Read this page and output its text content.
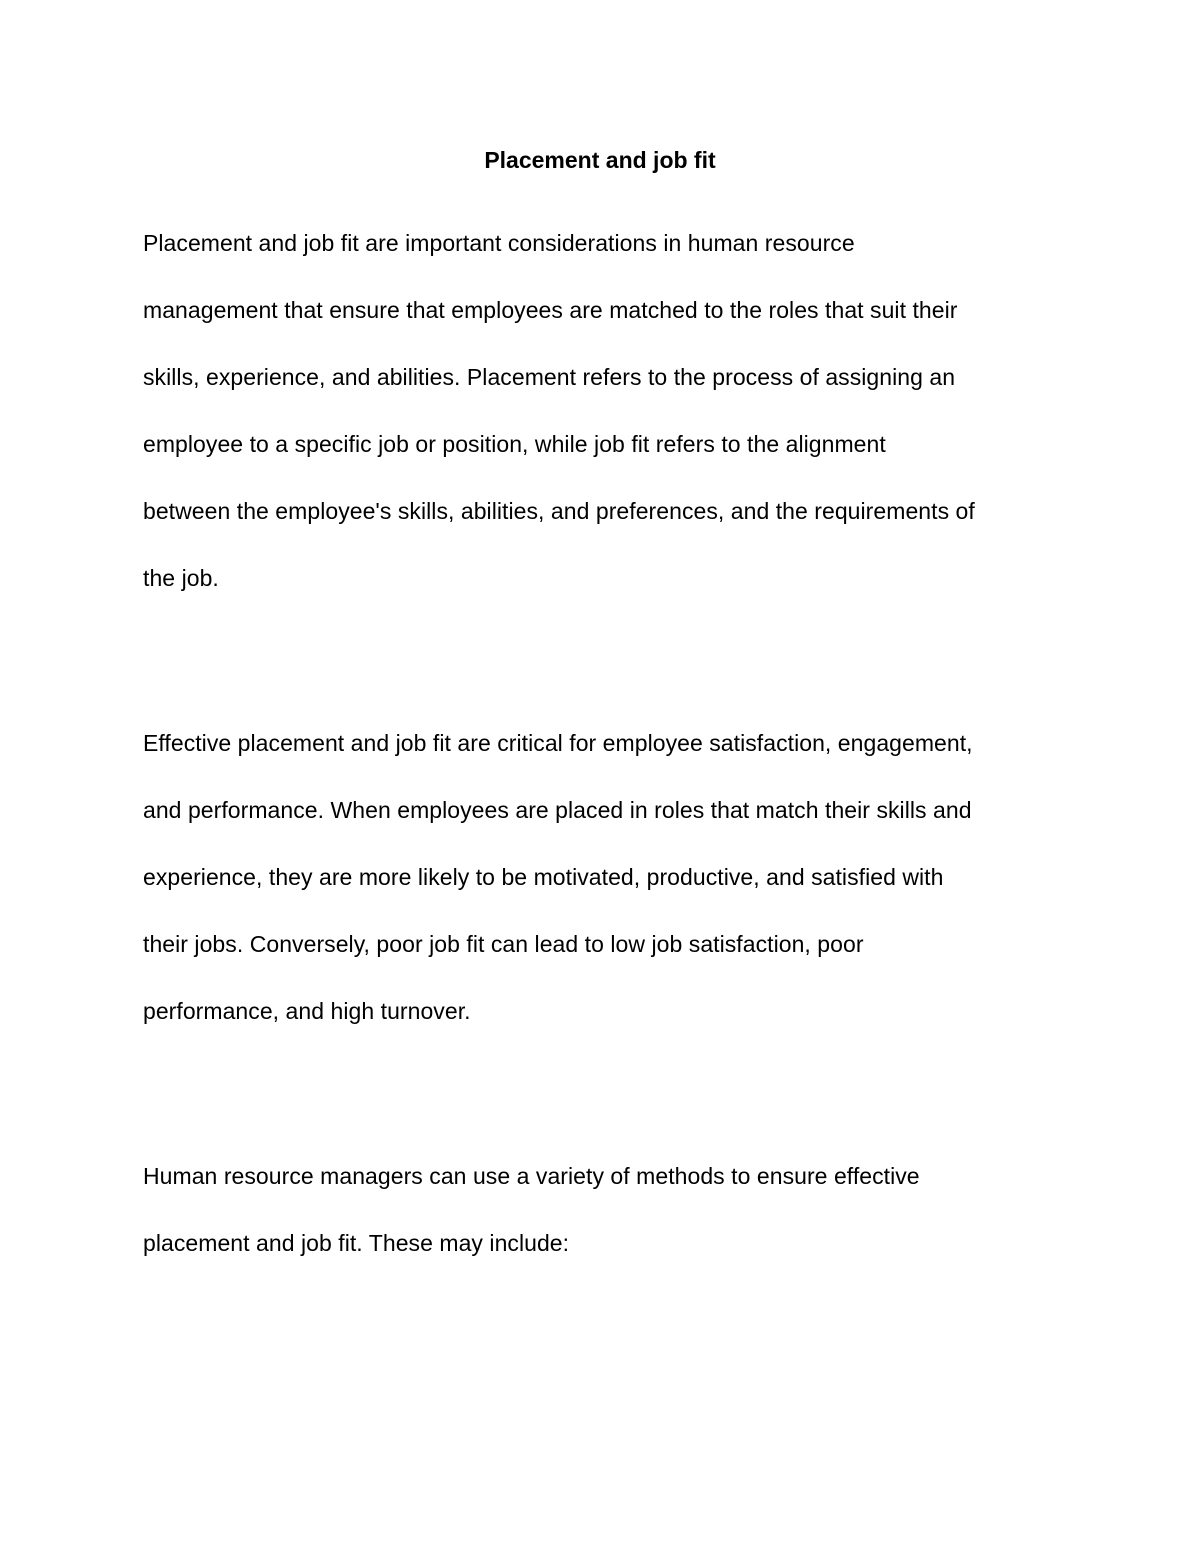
Placement and job fit

Placement and job fit are important considerations in human resource
management that ensure that employees are matched to the roles that suit their
skills, experience, and abilities. Placement refers to the process of assigning an
employee to a specific job or position, while job fit refers to the alignment
between the employee's skills, abilities, and preferences, and the requirements of
the job.

Effective placement and job fit are critical for employee satisfaction, engagement,
and performance. When employees are placed in roles that match their skills and
experience, they are more likely to be motivated, productive, and satisfied with
their jobs. Conversely, poor job fit can lead to low job satisfaction, poor
performance, and high turnover.

Human resource managers can use a variety of methods to ensure effective
placement and job fit. These may include:
